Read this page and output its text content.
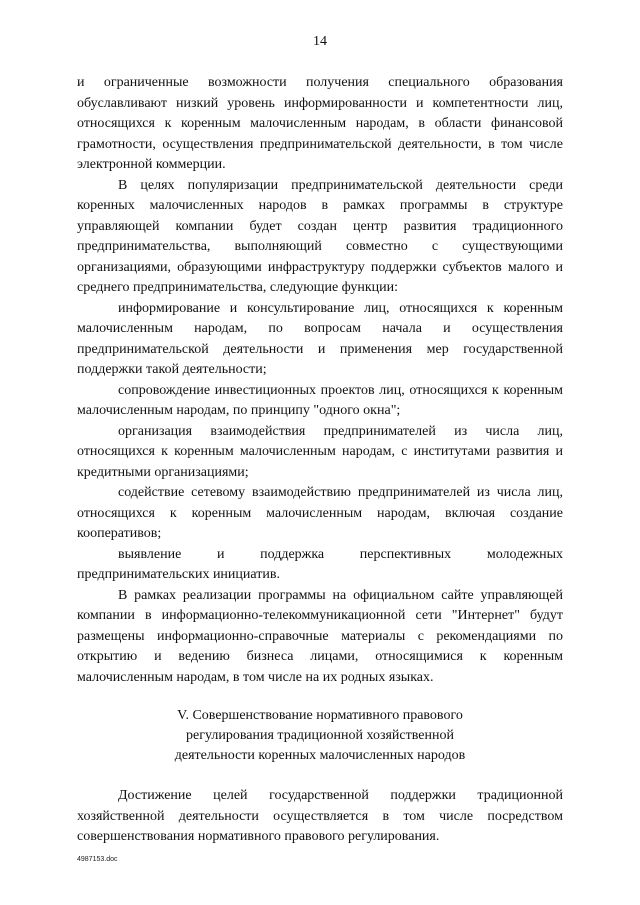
14

и ограниченные возможности получения специального образования обуславливают низкий уровень информированности и компетентности лиц, относящихся к коренным малочисленным народам, в области финансовой грамотности, осуществления предпринимательской деятельности, в том числе электронной коммерции.

В целях популяризации предпринимательской деятельности среди коренных малочисленных народов в рамках программы в структуре управляющей компании будет создан центр развития традиционного предпринимательства, выполняющий совместно с существующими организациями, образующими инфраструктуру поддержки субъектов малого и среднего предпринимательства, следующие функции:

информирование и консультирование лиц, относящихся к коренным малочисленным народам, по вопросам начала и осуществления предпринимательской деятельности и применения мер государственной поддержки такой деятельности;

сопровождение инвестиционных проектов лиц, относящихся к коренным малочисленным народам, по принципу "одного окна";

организация взаимодействия предпринимателей из числа лиц, относящихся к коренным малочисленным народам, с институтами развития и кредитными организациями;

содействие сетевому взаимодействию предпринимателей из числа лиц, относящихся к коренным малочисленным народам, включая создание кооперативов;

выявление и поддержка перспективных молодежных предпринимательских инициатив.

В рамках реализации программы на официальном сайте управляющей компании в информационно-телекоммуникационной сети "Интернет" будут размещены информационно-справочные материалы с рекомендациями по открытию и ведению бизнеса лицами, относящимися к коренным малочисленным народам, в том числе на их родных языках.

V. Совершенствование нормативного правового
регулирования традиционной хозяйственной
деятельности коренных малочисленных народов

Достижение целей государственной поддержки традиционной хозяйственной деятельности осуществляется в том числе посредством совершенствования нормативного правового регулирования.

4987153.doc
